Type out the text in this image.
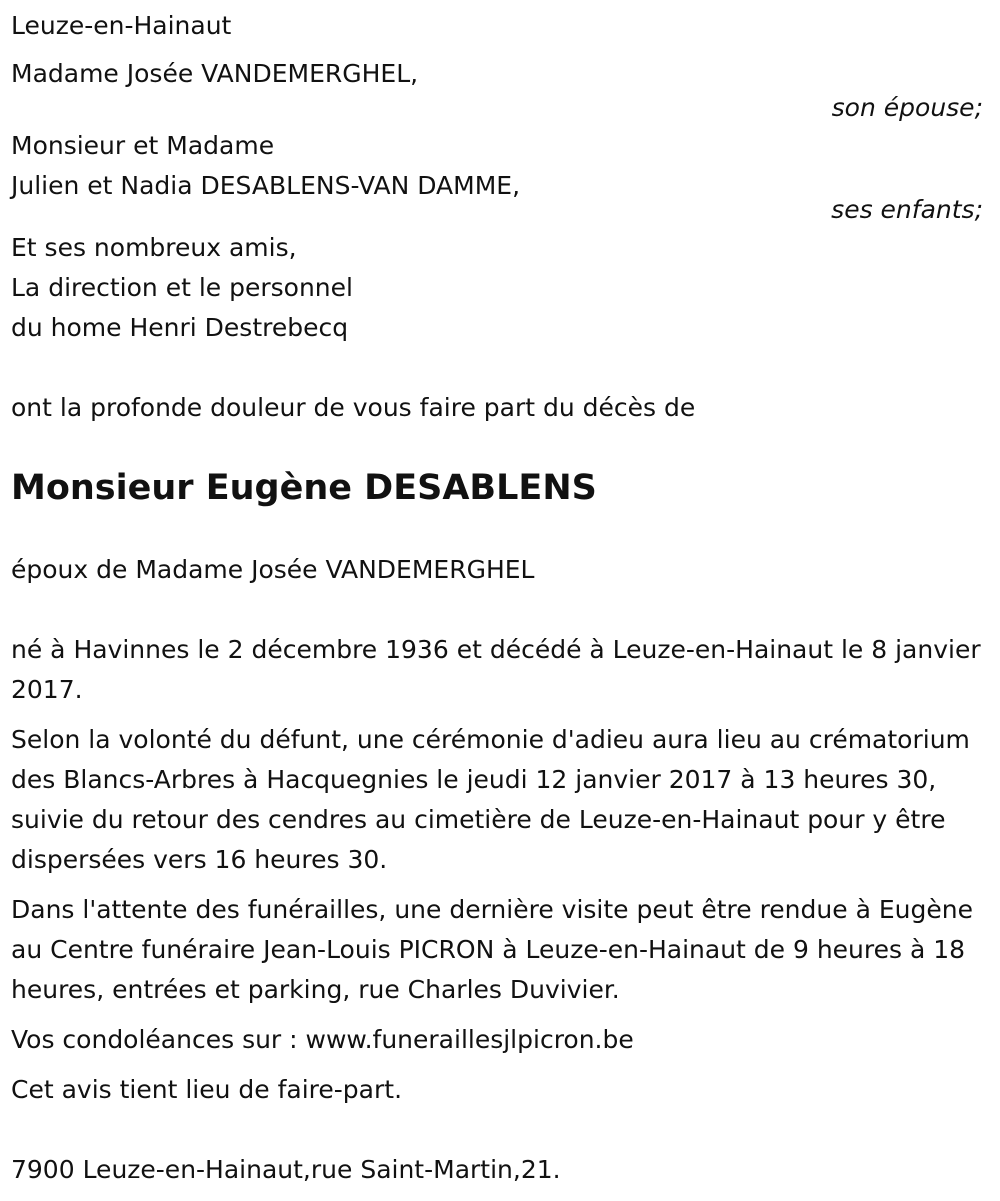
Leuze-en-Hainaut
Madame Josée VANDEMERGHEL,
son épouse;
Monsieur et Madame
Julien et Nadia DESABLENS-VAN DAMME,
ses enfants;
Et ses nombreux amis,
La direction et le personnel
du home Henri Destrebecq
ont la profonde douleur de vous faire part du décès de
Monsieur Eugène DESABLENS
époux de Madame Josée VANDEMERGHEL
né à Havinnes le 2 décembre 1936 et décédé à Leuze-en-Hainaut le 8 janvier 2017.
Selon la volonté du défunt, une cérémonie d'adieu aura lieu au crématorium des Blancs-Arbres à Hacquegnies le jeudi 12 janvier 2017 à 13 heures 30, suivie du retour des cendres au cimetière de Leuze-en-Hainaut pour y être dispersées vers 16 heures 30.
Dans l'attente des funérailles, une dernière visite peut être rendue à Eugène au Centre funéraire Jean-Louis PICRON à Leuze-en-Hainaut de 9 heures à 18 heures, entrées et parking, rue Charles Duvivier.
Vos condoléances sur : www.funeraillesjlpicron.be
Cet avis tient lieu de faire-part.
7900 Leuze-en-Hainaut,rue Saint-Martin,21.
